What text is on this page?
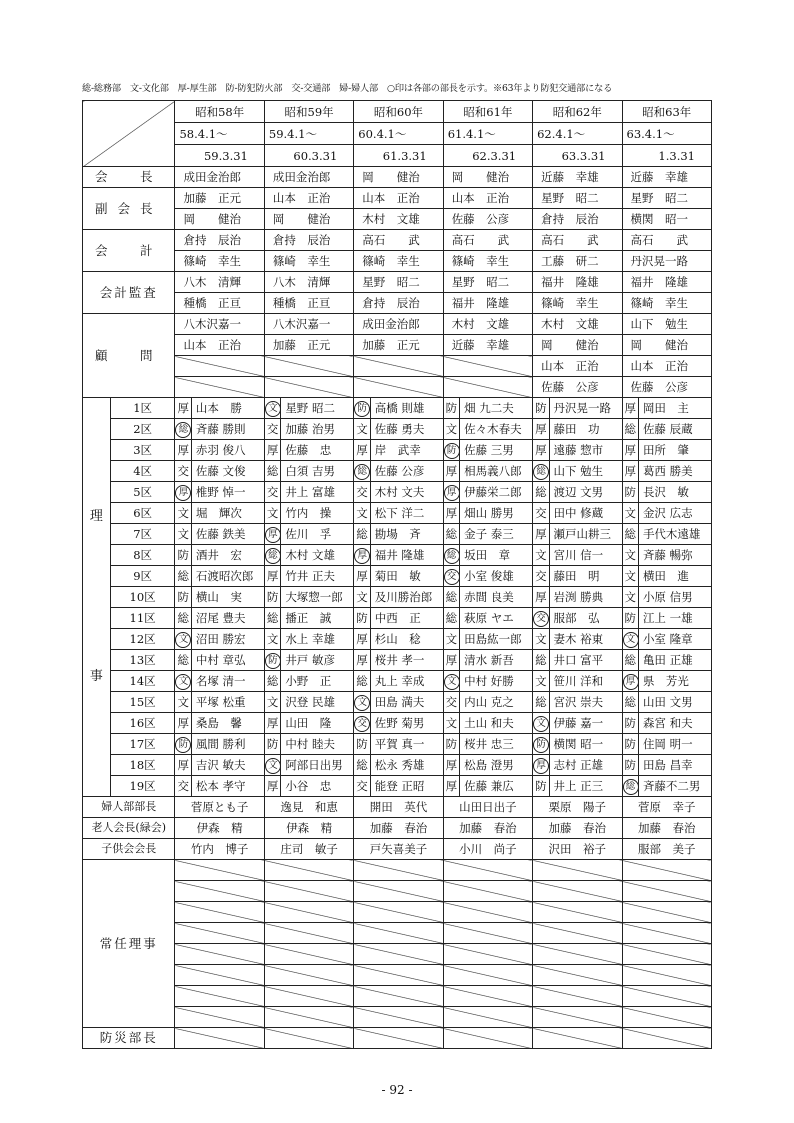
総-総務部　文-文化部　厚-厚生部　防-防犯防火部　交-交通部　婦-婦人部　○印は各部の部長を示す。※63年より防犯交通部になる
		昭和58年		昭和59年		昭和60年		昭和61年		昭和62年		昭和63年	
		58.4.1～		59.4.1～		60.4.1～		61.4.1～		62.4.1～		63.4.1～	
		59.3.31		60.3.31		61.3.31		62.3.31		63.3.31		1.3.31	
会　長		成田金治郎		成田金治郎		岡　　健治		岡　　健治		近藤　幸雄		近藤　幸雄	
副会長		加藤　正元		山本　正治		山本　正治		山本　正治		星野　昭二		星野　昭二	
		岡　　健治		岡　　健治		木村　文雄		佐藤　公彦		倉持　辰治		横関　昭一	
会　計		倉持　辰治		倉持　辰治		高石　　武		高石　　武		高石　　武		高石　　武	
		篠崎　幸生		篠崎　幸生		篠崎　幸生		篠崎　幸生		工藤　研二		丹沢晃一路	
会計監査		八木　清輝		八木　清輝		星野　昭二		星野　昭二		福井　隆雄		福井　隆雄	
		種橋　正亘		種橋　正亘		倉持　辰治		福井　隆雄		篠崎　幸生		篠崎　幸生	
顧　問		八木沢嘉一		八木沢嘉一		成田金治郎		木村　文雄		木村　文雄		山下　勉生	
		山本　正治		加藤　正元		加藤　正元		近藤　幸雄		岡　　健治		岡　　健治	
										山本　正治		山本　正治	
										佐藤　公彦		佐藤　公彦	

理
事	1区	厚	山本　勝	文	星野 昭二	防	高橋 則雄	防	畑 九二夫	防	丹沢晃一路	厚	岡田　主
	2区	総	斉藤 勝則	交	加藤 治男	文	佐藤 勇夫	文	佐々木春夫	厚	藤田　功	総	佐藤 辰蔵
	3区	厚	赤羽 俊八	厚	佐藤　忠	厚	岸　武幸	防	佐藤 三男	厚	遠藤 惣市	厚	田所　肇
	4区	交	佐藤 文俊	総	白須 吉男	総	佐藤 公彦	厚	相馬義八郎	総	山下 勉生	厚	葛西 勝美
	5区	厚	椎野 悼一	交	井上 富雄	交	木村 文夫	厚	伊藤栄二郎	総	渡辺 文男	防	長沢　敏
	6区	文	堀　輝次	文	竹内　操	文	松下 洋二	厚	畑山 勝男	交	田中 修蔵	文	金沢 広志
	7区	文	佐藤 鉄美	厚	佐川　孚	総	勘場　斉	総	金子 泰三	厚	瀬戸山耕三	総	手代木遠雄
	8区	防	酒井　宏	総	木村 文雄	厚	福井 隆雄	総	坂田　章	文	宮川 信一	文	斉藤 暢弥
	9区	総	石渡昭次郎	厚	竹井 正夫	厚	菊田　敏	交	小室 俊雄	交	藤田　明	文	横田　進
	10区	防	横山　実	防	大塚惣一郎	文	及川勝治郎	総	赤間 良美	厚	岩渕 勝典	文	小原 信男
	11区	総	沼尾 豊夫	総	播正　誠	防	中西　正	総	萩原 ヤエ	交	服部　弘	防	江上 一雄
	12区	文	沼田 勝宏	文	水上 幸雄	厚	杉山　稔	文	田島紘一郎	文	妻木 裕東	文	小室 隆章
	13区	総	中村 章弘	防	井戸 敏彦	厚	桜井 孝一	厚	清水 新吾	総	井口 富平	総	亀田 正雄
	14区	文	名塚 清一	総	小野　正	総	丸上 幸成	文	中村 好勝	文	笹川 洋和	厚	県　芳光
	15区	文	平塚 松重	文	沢登 民雄	文	田島 満夫	交	内山 克之	総	宮沢 崇夫	総	山田 文男
	16区	厚	桑島　馨	厚	山田　隆	交	佐野 菊男	文	土山 和夫	文	伊藤 嘉一	防	森宮 和夫
	17区	防	風間 勝利	防	中村 睦夫	防	平賀 真一	防	桜井 忠三	防	横関 昭一	防	住岡 明一
	18区	厚	吉沢 敏夫	文	阿部日出男	総	松永 秀雄	厚	松島 澄男	厚	志村 正雄	防	田島 昌幸
	19区	交	松本 孝守	厚	小谷　忠	交	能登 正昭	厚	佐藤 兼広	防	井上 正三	総	斉藤不二男
婦人部部長		菅原とも子		逸見　和恵		開田　英代		山田日出子		栗原　陽子		菅原　幸子	
老人会長(緑会)		伊森　精		伊森　精		加藤　春治		加藤　春治		加藤　春治		加藤　春治	
子供会会長		竹内　博子		庄司　敏子		戸矢喜美子		小川　尚子		沢田　裕子		服部　美子	
常任理事													

防災部長													
- 92 -
